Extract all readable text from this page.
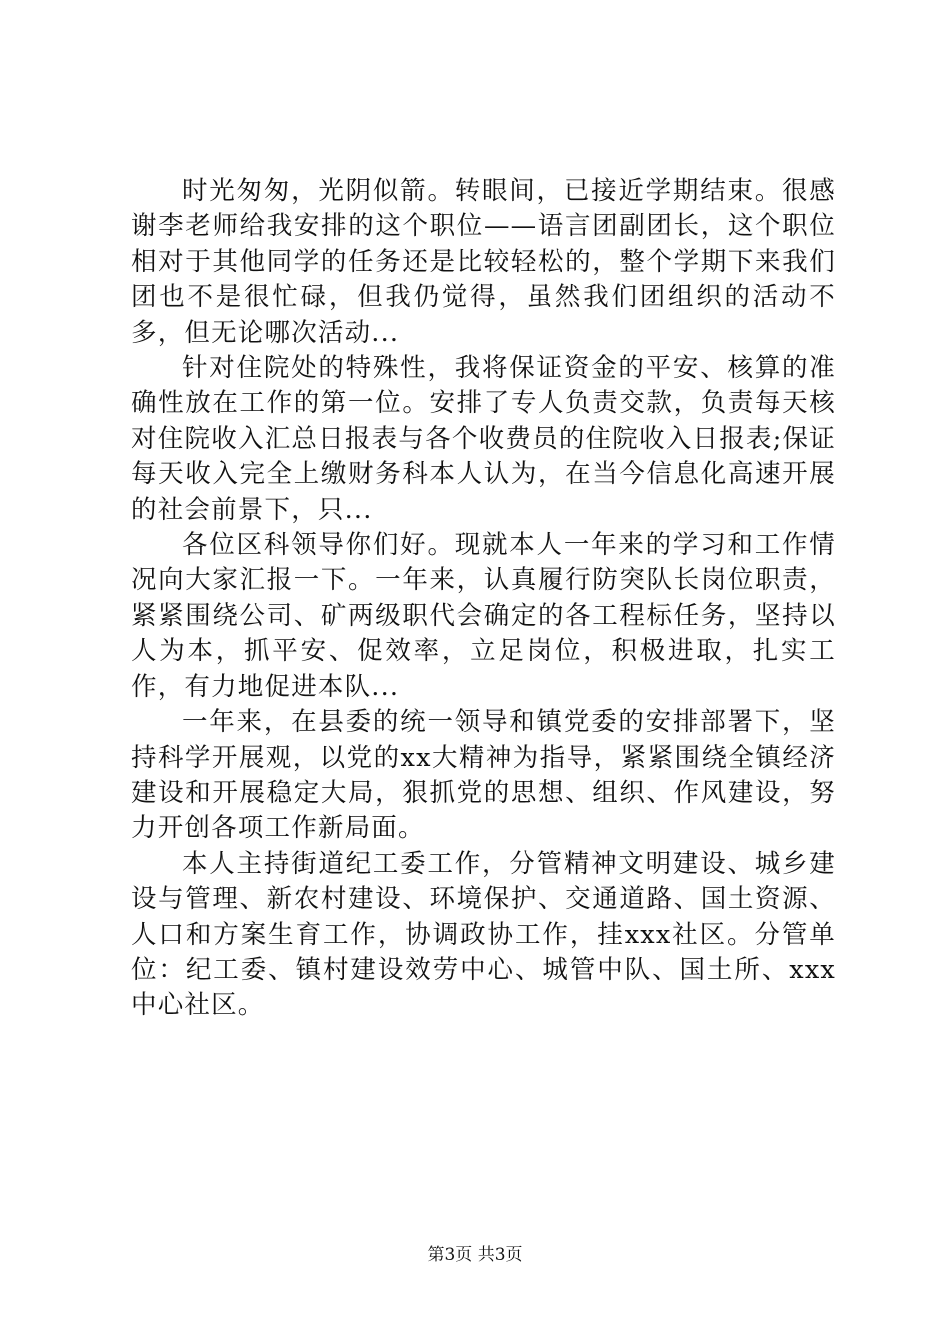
时光匆匆，光阴似箭。转眼间，已接近学期结束。很感谢李老师给我安排的这个职位——语言团副团长，这个职位相对于其他同学的任务还是比较轻松的，整个学期下来我们团也不是很忙碌，但我仍觉得，虽然我们团组织的活动不多，但无论哪次活动...

针对住院处的特殊性，我将保证资金的平安、核算的准确性放在工作的第一位。安排了专人负责交款，负责每天核对住院收入汇总日报表与各个收费员的住院收入日报表;保证每天收入完全上缴财务科本人认为，在当今信息化高速开展的社会前景下，只...

各位区科领导你们好。现就本人一年来的学习和工作情况向大家汇报一下。一年来，认真履行防突队长岗位职责，紧紧围绕公司、矿两级职代会确定的各工程标任务，坚持以人为本，抓平安、促效率，立足岗位，积极进取，扎实工作，有力地促进本队...

一年来，在县委的统一领导和镇党委的安排部署下，坚持科学开展观，以党的xx大精神为指导，紧紧围绕全镇经济建设和开展稳定大局，狠抓党的思想、组织、作风建设，努力开创各项工作新局面。

本人主持街道纪工委工作，分管精神文明建设、城乡建设与管理、新农村建设、环境保护、交通道路、国土资源、人口和方案生育工作，协调政协工作，挂xxx社区。分管单位：纪工委、镇村建设效劳中心、城管中队、国土所、xxx中心社区。

第3页 共3页
